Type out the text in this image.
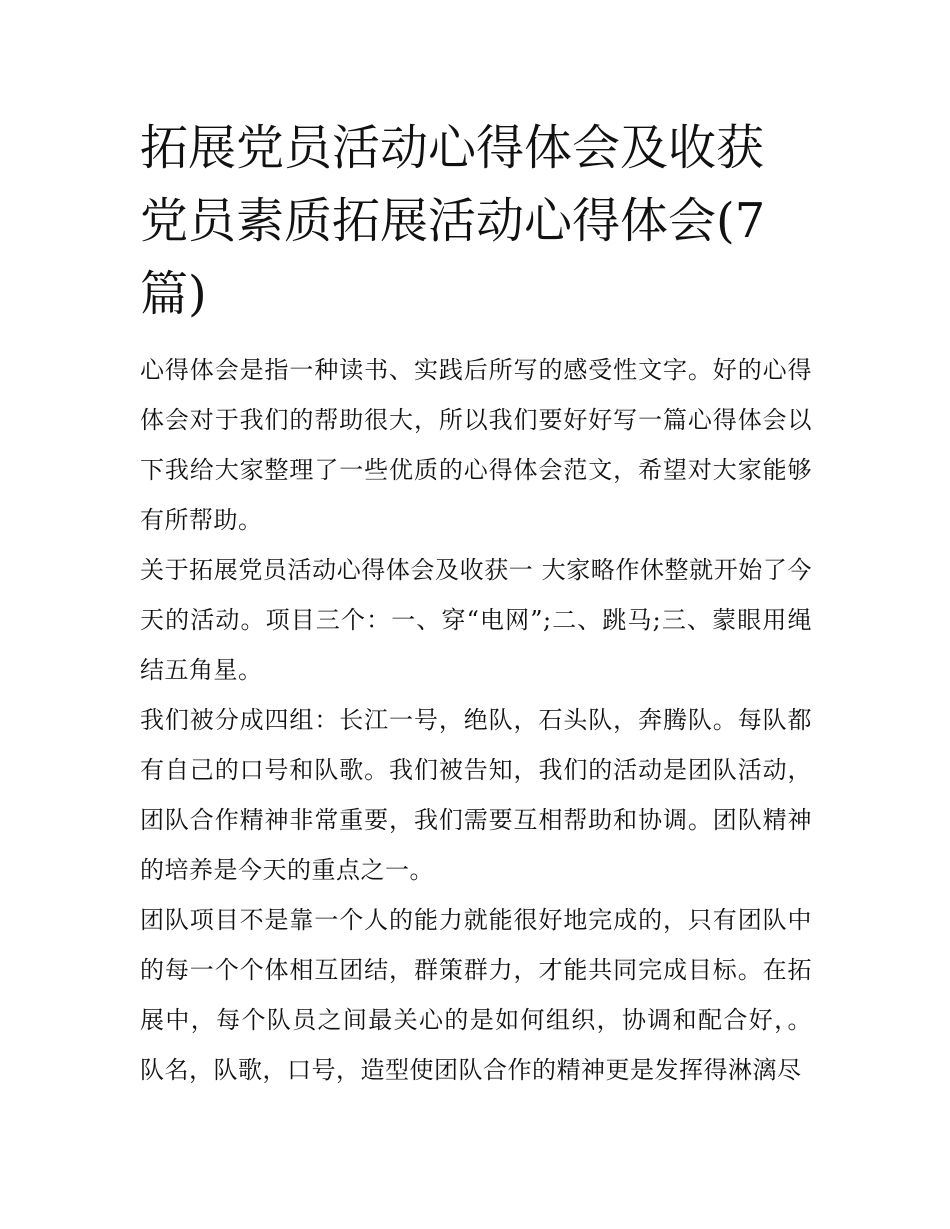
拓展党员活动心得体会及收获 党员素质拓展活动心得体会(7篇)

心得体会是指一种读书、实践后所写的感受性文字。好的心得体会对于我们的帮助很大，所以我们要好好写一篇心得体会以下我给大家整理了一些优质的心得体会范文，希望对大家能够有所帮助。

关于拓展党员活动心得体会及收获一 大家略作休整就开始了今天的活动。项目三个：一、穿“电网”;二、跳马;三、蒙眼用绳结五角星。

我们被分成四组：长江一号，绝队，石头队，奔腾队。每队都有自己的口号和队歌。我们被告知，我们的活动是团队活动，团队合作精神非常重要，我们需要互相帮助和协调。团队精神的培养是今天的重点之一。

团队项目不是靠一个人的能力就能很好地完成的，只有团队中的每一个个体相互团结，群策群力，才能共同完成目标。在拓展中，每个队员之间最关心的是如何组织，协调和配合好，。队名，队歌，口号，造型使团队合作的精神更是发挥得淋漓尽
